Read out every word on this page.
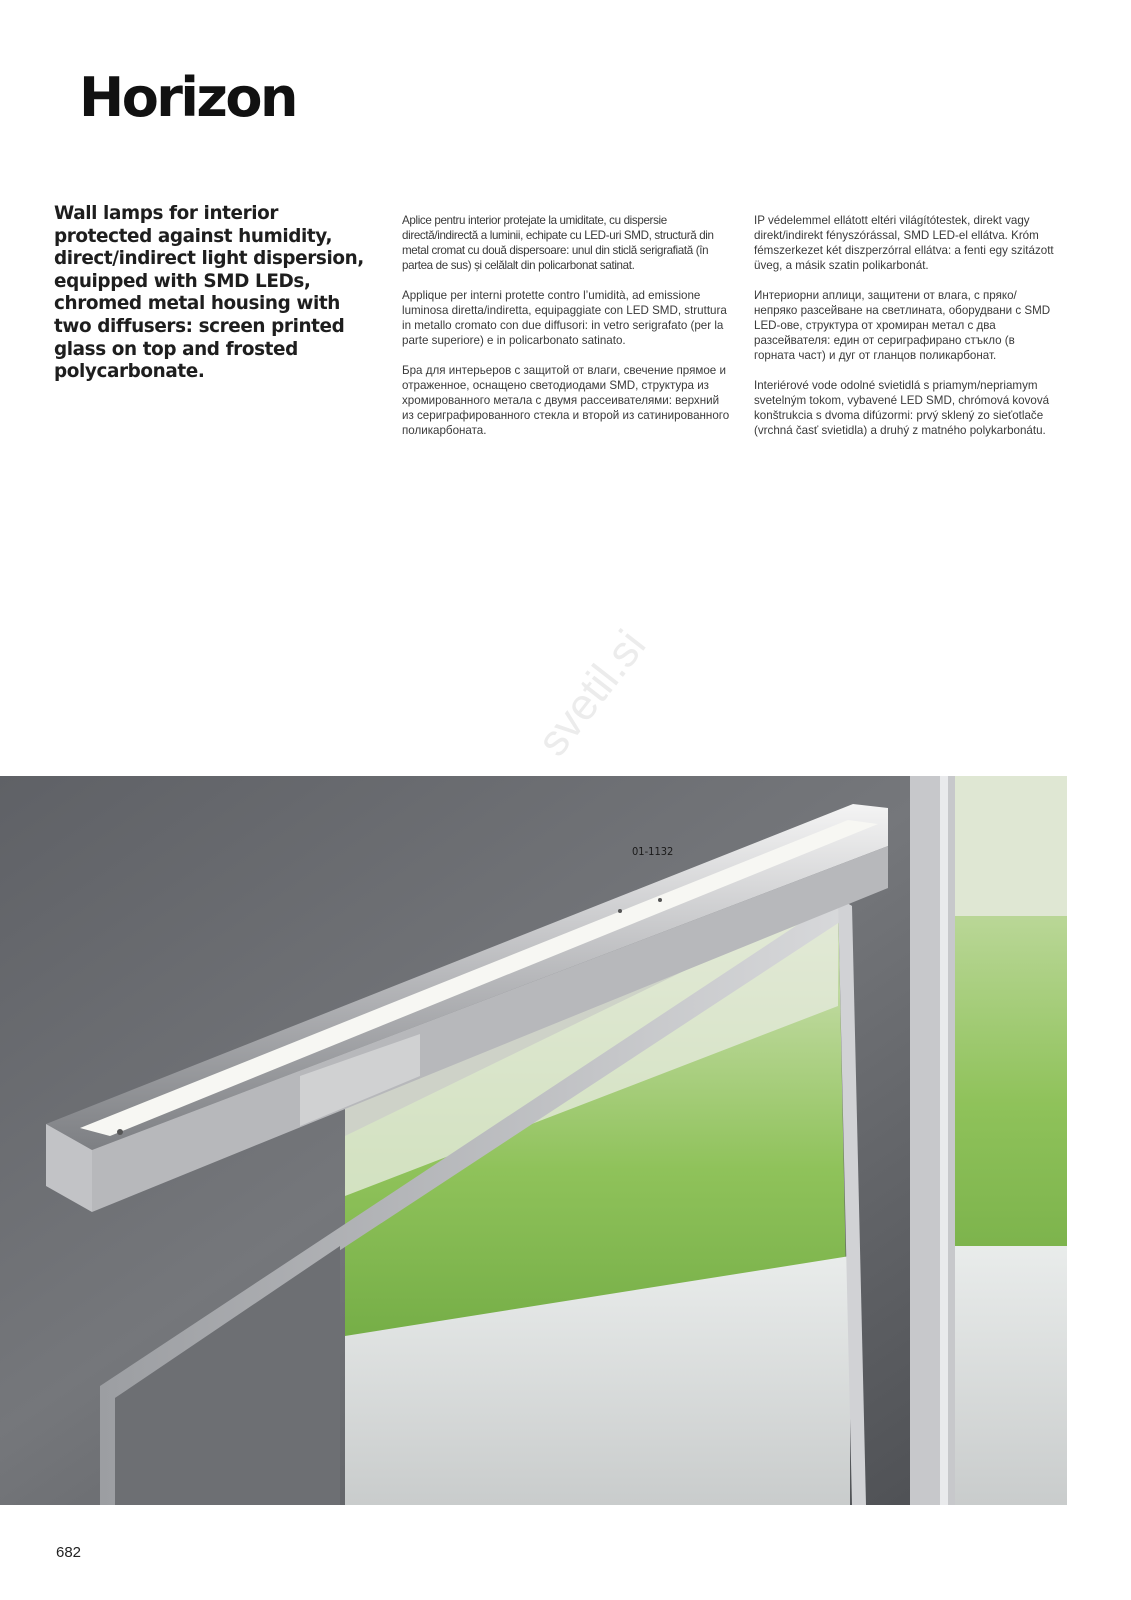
Horizon

Wall lamps for interior protected against humidity, direct/indirect light dispersion, equipped with SMD LEDs, chromed metal housing with two diffusers: screen printed glass on top and frosted polycarbonate.

Aplice pentru interior protejate la umiditate, cu dispersie directă/indirectă a luminii, echipate cu LED-uri SMD, structură din metal cromat cu două dispersoare: unul din sticlă serigrafiată (în partea de sus) și celălalt din policarbonat satinat.

Applique per interni protette contro l’umidità, ad emissione luminosa diretta/indiretta, equipaggiate con LED SMD, struttura in metallo cromato con due diffusori: in vetro serigrafato (per la parte superiore) e in policarbonato satinato.

Бра для интерьеров с защитой от влаги, свечение прямое и отраженное, оснащено светодиодами SMD, структура из хромированного метала с двумя рассеивателями: верхний из сериграфированного стекла и второй из сатинированного поликарбоната.

IP védelemmel ellátott eltéri világítótestek, direkt vagy direkt/indirekt fényszórással, SMD LED-el ellátva. Króm fémszerkezet két diszperzórral ellátva: a fenti egy szitázott üveg, a másik szatin polikarbonát.

Интериорни аплици, защитени от влага, с пряко/непряко разсейване на светлината, оборудвани с SMD LED-ове, структура от хромиран метал с два разсейвателя: един от сериграфирано стъкло (в горната част) и дуг от гланцов поликарбонат.

Interiérové vode odolné svietidlá s priamym/nepriamym svetelným tokom, vybavené LED SMD, chrómová kovová konštrukcia s dvoma difúzormi: prvý sklený zo sieťotlače (vrchná časť svietidla) a druhý z matného polykarbonátu.

svetil.si
01-1132
682
